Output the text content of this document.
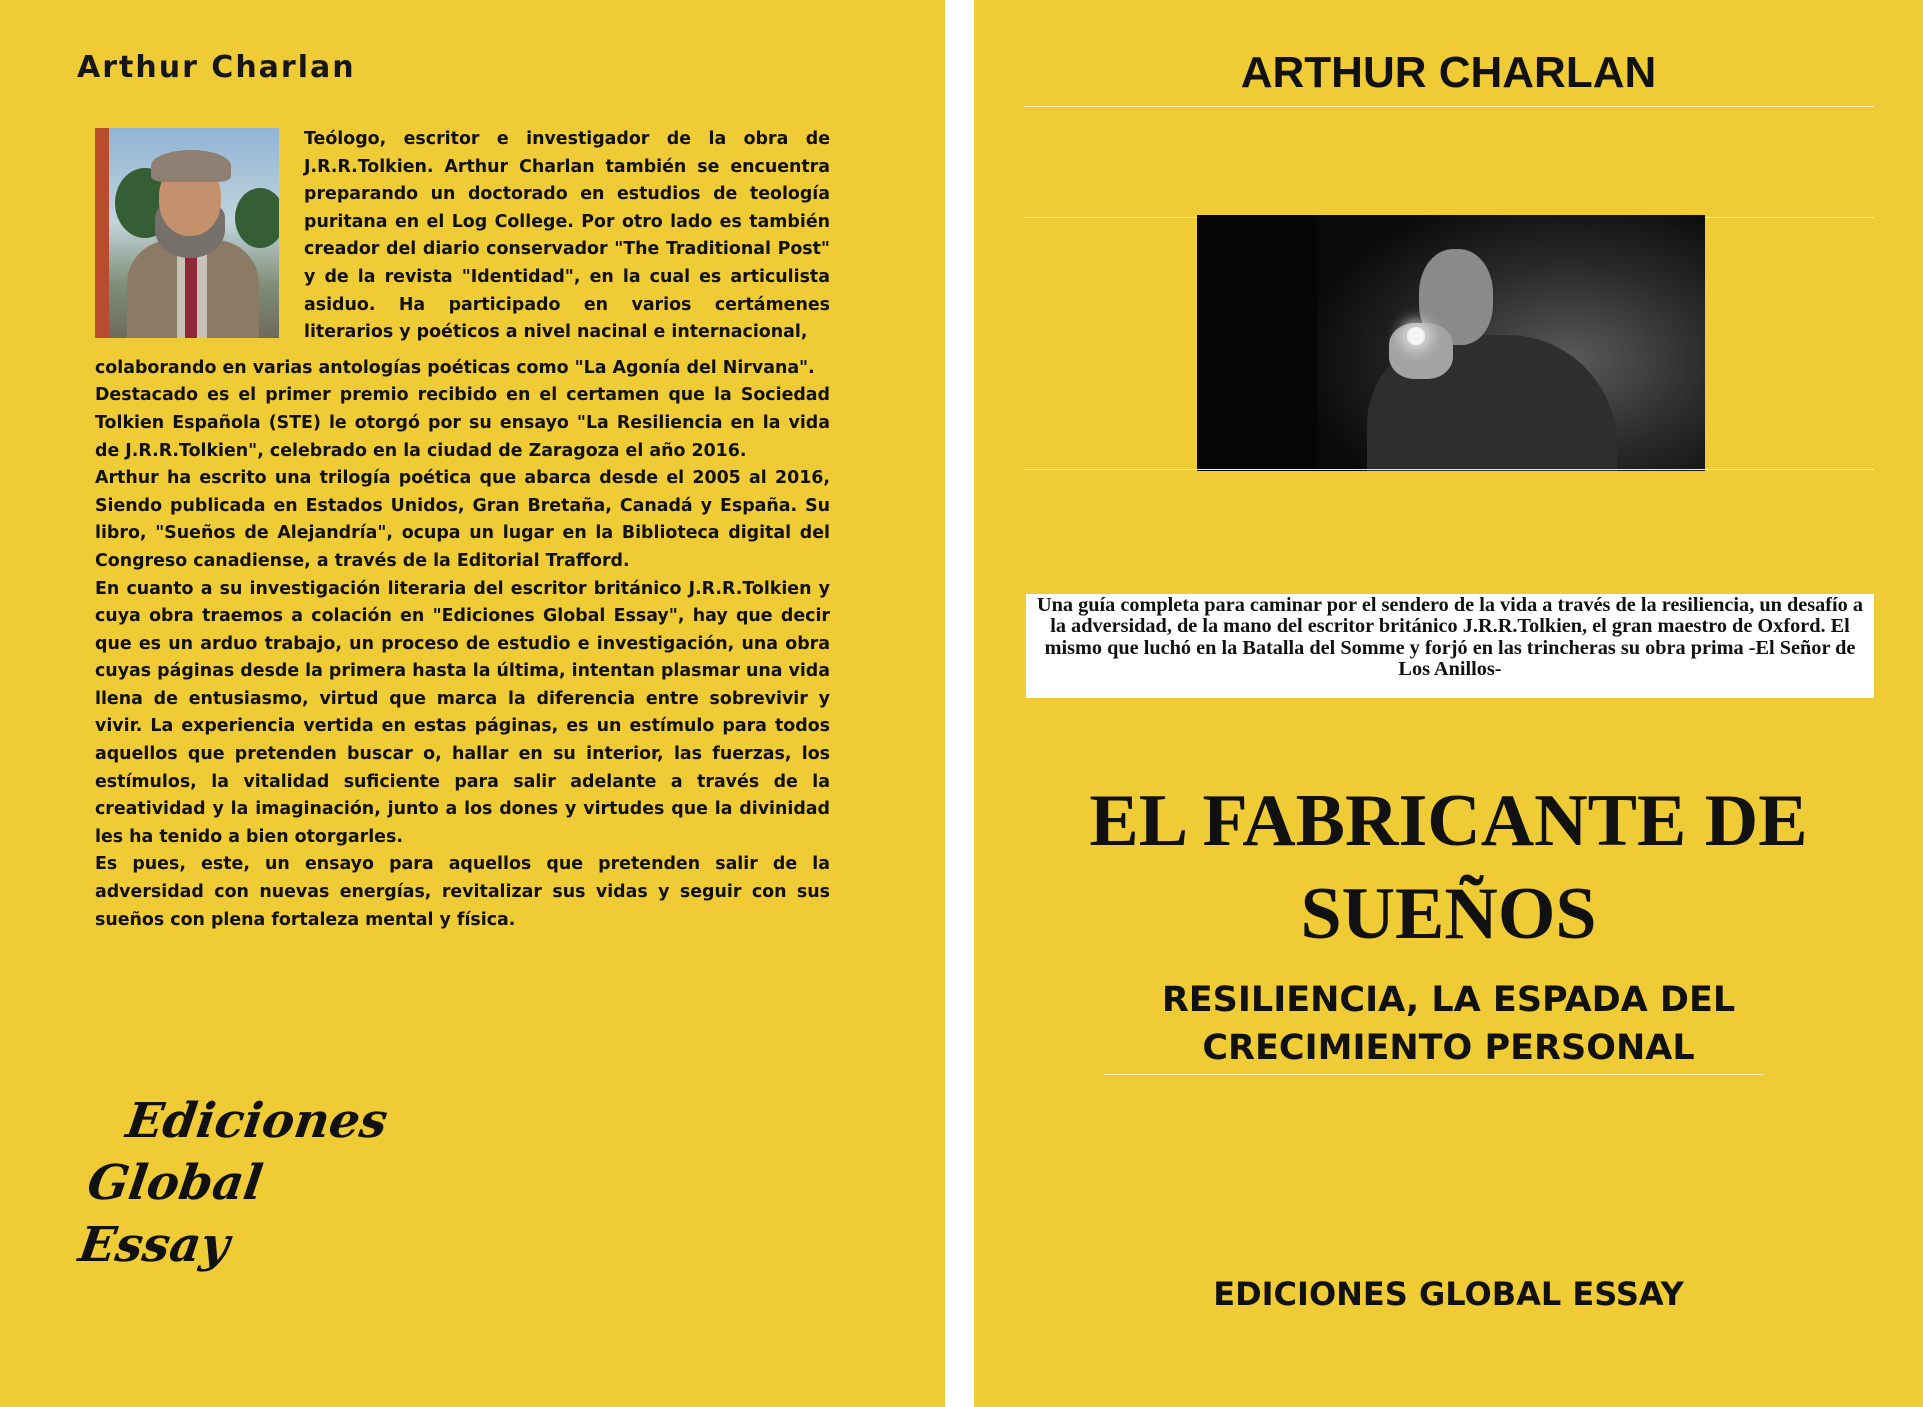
Arthur Charlan
Teólogo, escritor e investigador de la obra de
J.R.R.Tolkien. Arthur Charlan también se encuentra
preparando un doctorado en estudios de teología
puritana en el Log College. Por otro lado es también
creador del diario conservador "The Traditional Post"
y de la revista "Identidad", en la cual es articulista
asiduo. Ha participado en varios certámenes
literarios y poéticos a nivel nacinal e internacional,

colaborando en varias antologías poéticas como "La Agonía del Nirvana".

Destacado es el primer premio recibido en el certamen que la Sociedad Tolkien Española (STE) le otorgó por su ensayo "La Resiliencia en la vida de J.R.R.Tolkien", celebrado en la ciudad de Zaragoza el año 2016.

Arthur ha escrito una trilogía poética que abarca desde el 2005 al 2016, Siendo publicada en Estados Unidos, Gran Bretaña, Canadá y España. Su libro, "Sueños de Alejandría", ocupa un lugar en la Biblioteca digital del Congreso canadiense, a través de la Editorial Trafford.

En cuanto a su investigación literaria del escritor británico J.R.R.Tolkien y cuya obra traemos a colación en "Ediciones Global Essay", hay que decir que es un arduo trabajo, un proceso de estudio e investigación, una obra cuyas páginas desde la primera hasta la última, intentan plasmar una vida llena de entusiasmo, virtud que marca la diferencia entre sobrevivir y vivir. La experiencia vertida en estas páginas, es un estímulo para todos aquellos que pretenden buscar o, hallar en su interior, las fuerzas, los estímulos, la vitalidad suficiente para salir adelante a través de la creatividad y la imaginación, junto a los dones y virtudes que la divinidad les ha tenido a bien otorgarles.

Es pues, este, un ensayo para aquellos que pretenden salir de la adversidad con nuevas energías, revitalizar sus vidas y seguir con sus sueños con plena fortaleza mental y física.

Ediciones
Global Essay
ARTHUR CHARLAN
Una guía completa para caminar por el sendero de la vida a través de la resiliencia, un desafío a la adversidad, de la mano del escritor británico J.R.R.Tolkien, el gran maestro de Oxford. El mismo que luchó en la Batalla del Somme y forjó en las trincheras su obra prima -El Señor de Los Anillos-
EL FABRICANTE DE
SUEÑOS
RESILIENCIA, LA ESPADA DEL
CRECIMIENTO PERSONAL
EDICIONES GLOBAL ESSAY
